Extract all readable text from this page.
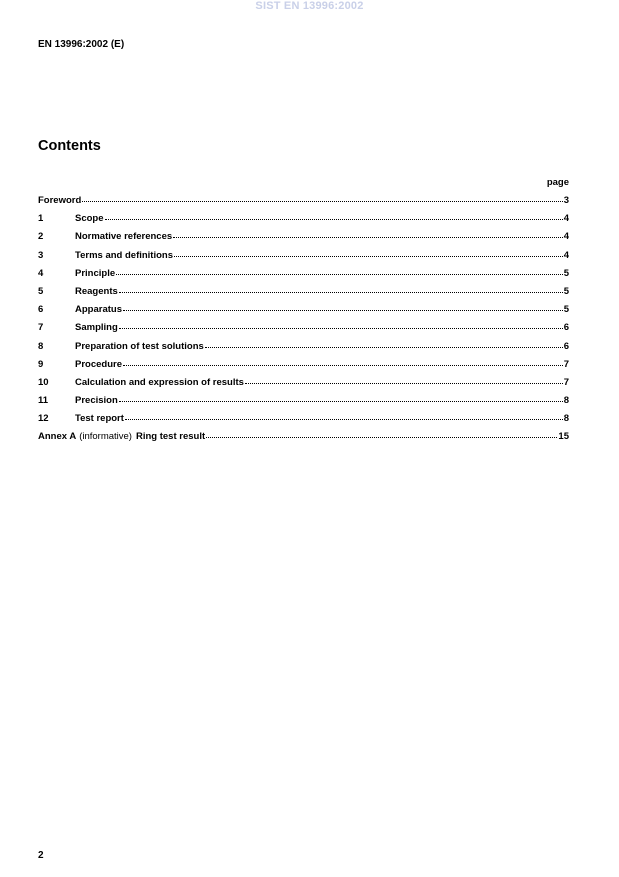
SIST EN 13996:2002
EN 13996:2002 (E)
Contents
page
Foreword	3
1	Scope	4
2	Normative references	4
3	Terms and definitions	4
4	Principle	5
5	Reagents	5
6	Apparatus	5
7	Sampling	6
8	Preparation of test solutions	6
9	Procedure	7
10	Calculation and expression of results	7
11	Precision	8
12	Test report	8
Annex A (informative) Ring test result	15
2
